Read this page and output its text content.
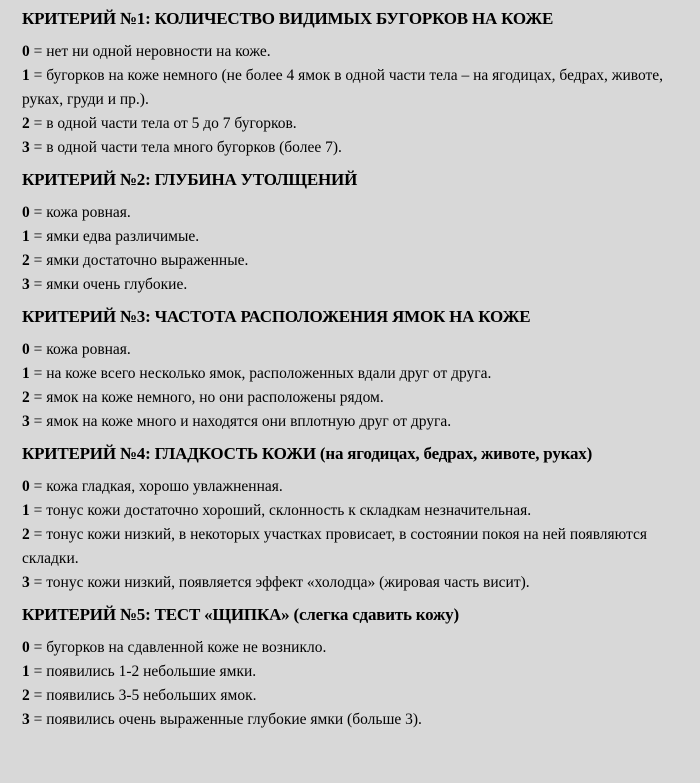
КРИТЕРИЙ №1: КОЛИЧЕСТВО ВИДИМЫХ БУГОРКОВ НА КОЖЕ

0 = нет ни одной неровности на коже.

1 = бугорков на коже немного (не более 4 ямок в одной части тела – на ягодицах, бедрах, животе, руках, груди и пр.).

2 = в одной части тела от 5 до 7 бугорков.

3 = в одной части тела много бугорков (более 7).

КРИТЕРИЙ №2: ГЛУБИНА УТОЛЩЕНИЙ

0 = кожа ровная.

1 = ямки едва различимые.

2 = ямки достаточно выраженные.

3 = ямки очень глубокие.

КРИТЕРИЙ №3: ЧАСТОТА РАСПОЛОЖЕНИЯ ЯМОК НА КОЖЕ

0 = кожа ровная.

1 = на коже всего несколько ямок, расположенных вдали друг от друга.

2 = ямок на коже немного, но они расположены рядом.

3 = ямок на коже много и находятся они вплотную друг от друга.

КРИТЕРИЙ №4: ГЛАДКОСТЬ КОЖИ (на ягодицах, бедрах, животе, руках)

0 = кожа гладкая, хорошо увлажненная.

1 = тонус кожи достаточно хороший, склонность к складкам незначительная.

2 = тонус кожи низкий, в некоторых участках провисает, в состоянии покоя на ней появляются складки.

3 = тонус кожи низкий, появляется эффект «холодца» (жировая часть висит).

КРИТЕРИЙ №5: ТЕСТ «ЩИПКА» (слегка сдавить кожу)

0 = бугорков на сдавленной коже не возникло.

1 = появились 1-2 небольшие ямки.

2 = появились 3-5 небольших ямок.

3 = появились очень выраженные глубокие ямки (больше 3).
